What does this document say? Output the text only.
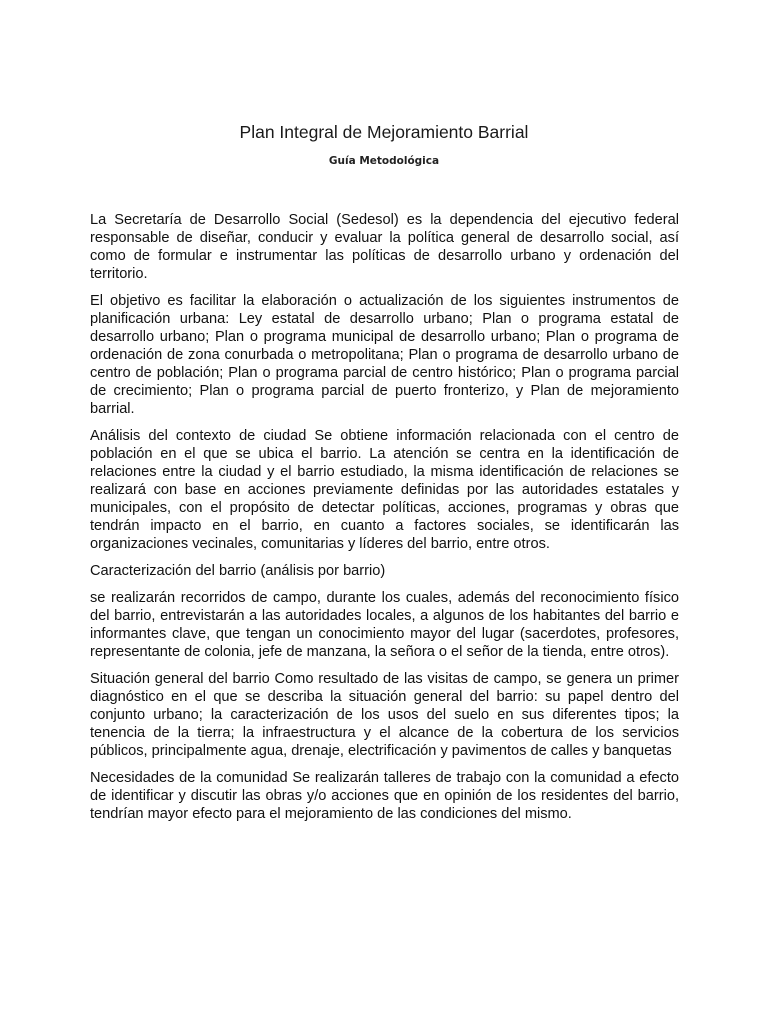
Plan Integral de Mejoramiento Barrial
Guía Metodológica

La Secretaría de Desarrollo Social (Sedesol) es la dependencia del ejecutivo federal responsable de diseñar, conducir y evaluar la política general de desarrollo social, así como de formular e instrumentar las políticas de desarrollo urbano y ordenación del territorio.

El objetivo es facilitar la elaboración o actualización de los siguientes instrumentos de planificación urbana: Ley estatal de desarrollo urbano; Plan o programa estatal de desarrollo urbano; Plan o programa municipal de desarrollo urbano; Plan o programa de ordenación de zona conurbada o metropolitana; Plan o programa de desarrollo urbano de centro de población; Plan o programa parcial de centro histórico; Plan o programa parcial de crecimiento; Plan o programa parcial de puerto fronterizo, y Plan de mejoramiento barrial.

Análisis del contexto de ciudad Se obtiene información relacionada con el centro de población en el que se ubica el barrio. La atención se centra en la identificación de relaciones entre la ciudad y el barrio estudiado, la misma identificación de relaciones se realizará con base en acciones previamente definidas por las autoridades estatales y municipales, con el propósito de detectar políticas, acciones, programas y obras que tendrán impacto en el barrio, en cuanto a factores sociales, se identificarán las organizaciones vecinales, comunitarias y líderes del barrio, entre otros.

Caracterización del barrio (análisis por barrio)

se realizarán recorridos de campo, durante los cuales, además del reconocimiento físico del barrio, entrevistarán a las autoridades locales, a algunos de los habitantes del barrio e informantes clave, que tengan un conocimiento mayor del lugar (sacerdotes, profesores, representante de colonia, jefe de manzana, la señora o el señor de la tienda, entre otros).

Situación general del barrio Como resultado de las visitas de campo, se genera un primer diagnóstico en el que se describa la situación general del barrio: su papel dentro del conjunto urbano; la caracterización de los usos del suelo en sus diferentes tipos; la tenencia de la tierra; la infraestructura y el alcance de la cobertura de los servicios públicos, principalmente agua, drenaje, electrificación y pavimentos de calles y banquetas

Necesidades de la comunidad Se realizarán talleres de trabajo con la comunidad a efecto de identificar y discutir las obras y/o acciones que en opinión de los residentes del barrio, tendrían mayor efecto para el mejoramiento de las condiciones del mismo.
